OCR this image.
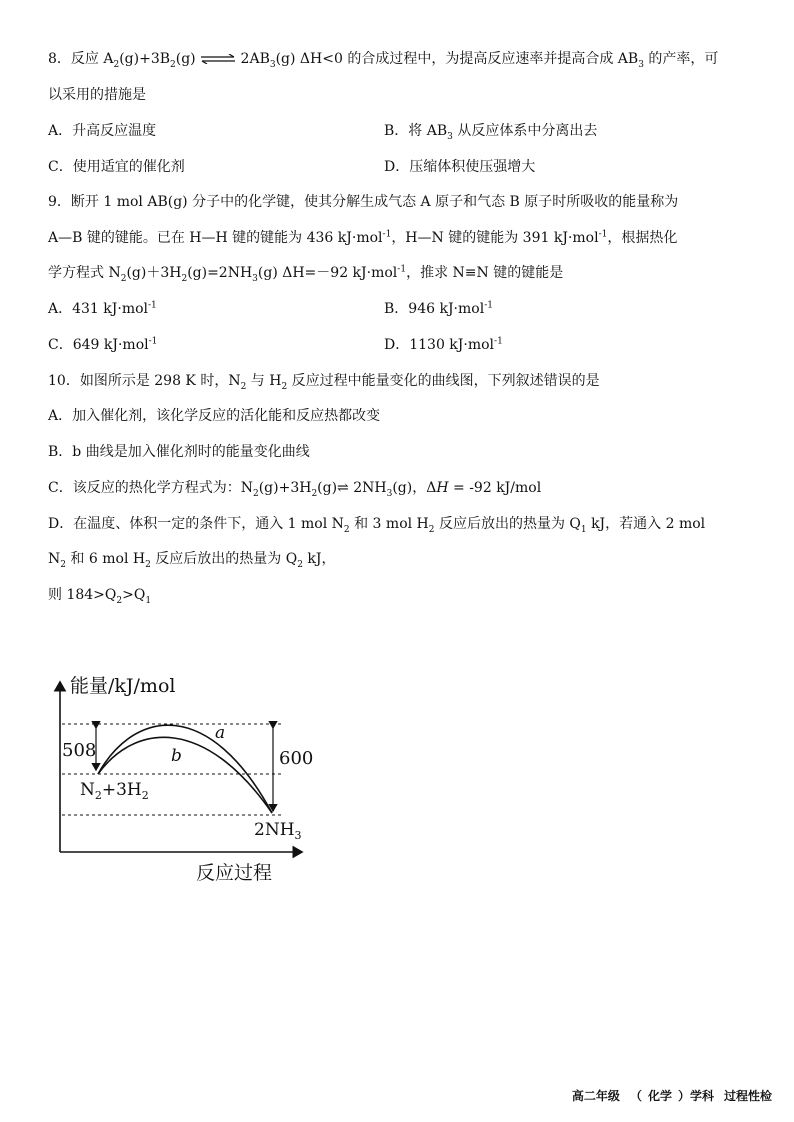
8．反应 $A_2(g)+3B_2(g)$ ⇌ $2AB_3(g)$ ΔH<0 的合成过程中，为提高反应速率并提高合成 $AB_3$ 的产率，可
以采用的措施是
A．升高反应温度	B．将 $AB_3$ 从反应体系中分离出去
C．使用适宜的催化剂	D．压缩体积使压强增大
9．断开 1 mol AB(g) 分子中的化学键，使其分解生成气态 A 原子和气态 B 原子时所吸收的能量称为
A—B 键的键能。已在 H—H 键的键能为 436 kJ·mol$^{-1}$，H—N 键的键能为 391 kJ·mol$^{-1}$，根据热化
学方程式 $N_2(g)+3H_2(g)=2NH_3(g)$ ΔH=－92 kJ·mol$^{-1}$，推求 N≡N 键的键能是
A．431 kJ·mol$^{-1}$	B．946 kJ·mol$^{-1}$
C．649 kJ·mol$^{-1}$	D．1130 kJ·mol$^{-1}$
10．如图所示是 298 K 时，$N_2$ 与 $H_2$ 反应过程中能量变化的曲线图，下列叙述错误的是
A．加入催化剂，该化学反应的活化能和反应热都改变
B．b 曲线是加入催化剂时的能量变化曲线
C．该反应的热化学方程式为：$N_2(g)+3H_2(g)\rightleftharpoons$ $2NH_3(g)$，ΔH = -92 kJ/mol
D．在温度、体积一定的条件下，通入 1 mol $N_2$ 和 3 mol $H_2$ 反应后放出的热量为 $Q_1$ kJ，若通入 2 mol
$N_2$ 和 6 mol $H_2$ 反应后放出的热量为 $Q_2$ kJ，
则 $184>Q_2>Q_1$
能量/kJ/mol
反应过程
a
b
508	600
$N_2+3H_2$
$2NH_3$
高二年级 （ 化学 ）学科 过程性检
